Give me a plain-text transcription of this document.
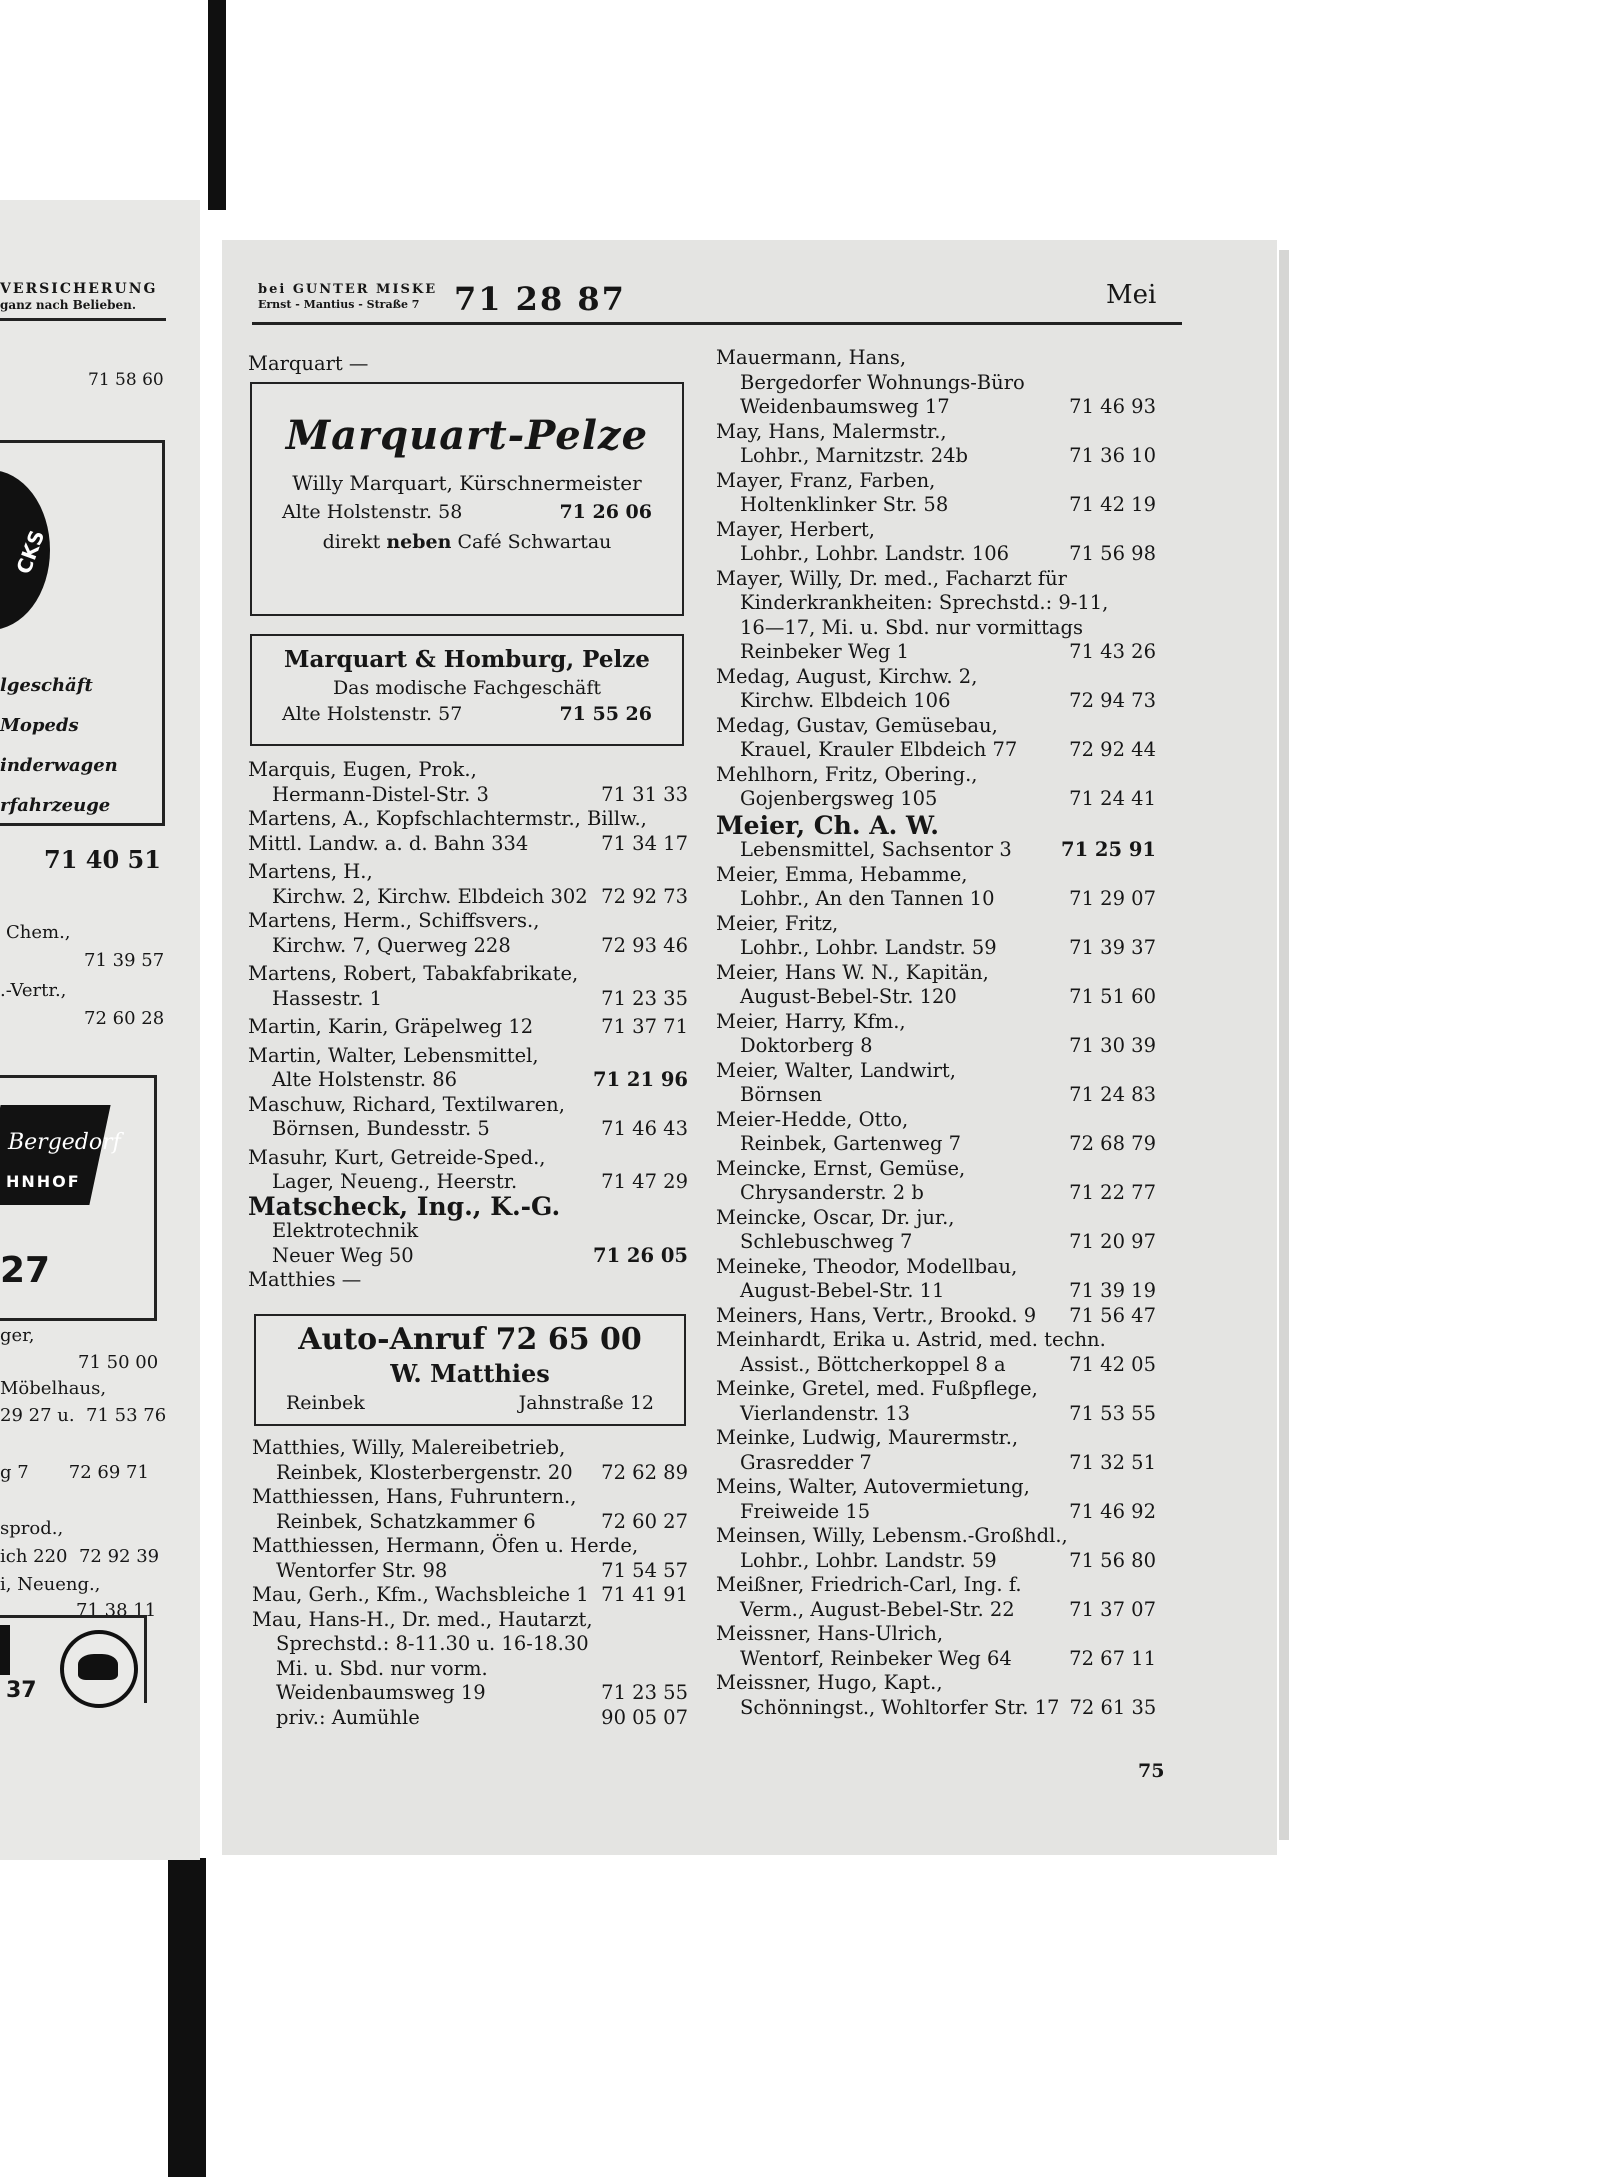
VERSICHERUNG
ganz nach Belieben.
71 58 60
CKS
lgeschäft
Mopeds
inderwagen
rfahrzeuge
71 40 51
Chem.,
71 39 57
.-Vertr.,
72 60 28
Bergedorf
HNHOF
27
ger,
71 50 00
Möbelhaus,
29 27 u.  71 53 76
g 7       72 69 71
sprod.,
ich 220  72 92 39
i, Neueng.,
71 38 11
37
bei GUNTER MISKE
Ernst - Mantius - Straße 7 71 28 87	Mei
Marquart —
Marquart-Pelze
Willy Marquart, Kürschnermeister
Alte Holstenstr. 58	71 26 06
direkt neben Café Schwartau
Marquart & Homburg, Pelze
Das modische Fachgeschäft
Alte Holstenstr. 57	71 55 26
Marquis, Eugen, Prok.,
Hermann-Distel-Str. 3	71 31 33
Martens, A., Kopfschlachtermstr., Billw.,
Mittl. Landw. a. d. Bahn 334	71 34 17
Martens, H.,
Kirchw. 2, Kirchw. Elbdeich 302 72 92 73
Martens, Herm., Schiffsvers.,
Kirchw. 7, Querweg 228	72 93 46
Martens, Robert, Tabakfabrikate,
Hassestr. 1	71 23 35
Martin, Karin, Gräpelweg 12	71 37 71
Martin, Walter, Lebensmittel,
Alte Holstenstr. 86	71 21 96
Maschuw, Richard, Textilwaren,
Börnsen, Bundesstr. 5	71 46 43
Masuhr, Kurt, Getreide-Sped.,
Lager, Neueng., Heerstr.	71 47 29
Matscheck, Ing., K.-G.
Elektrotechnik
Neuer Weg 50	71 26 05
Matthies —
Auto-Anruf 72 65 00
W. Matthies
Reinbek	Jahnstraße 12
Matthies, Willy, Malereibetrieb,
Reinbek, Klosterbergenstr. 20	72 62 89
Matthiessen, Hans, Fuhruntern.,
Reinbek, Schatzkammer 6	72 60 27
Matthiessen, Hermann, Öfen u. Herde,
Wentorfer Str. 98	71 54 57
Mau, Gerh., Kfm., Wachsbleiche 1 71 41 91
Mau, Hans-H., Dr. med., Hautarzt,
Sprechstd.: 8-11.30 u. 16-18.30
Mi. u. Sbd. nur vorm.
Weidenbaumsweg 19	71 23 55
priv.: Aumühle	90 05 07
Mauermann, Hans,
Bergedorfer Wohnungs-Büro
Weidenbaumsweg 17	71 46 93
May, Hans, Malermstr.,
Lohbr., Marnitzstr. 24b	71 36 10
Mayer, Franz, Farben,
Holtenklinker Str. 58	71 42 19
Mayer, Herbert,
Lohbr., Lohbr. Landstr. 106	71 56 98
Mayer, Willy, Dr. med., Facharzt für
Kinderkrankheiten: Sprechstd.: 9-11,
16—17, Mi. u. Sbd. nur vormittags
Reinbeker Weg 1	71 43 26
Medag, August, Kirchw. 2,
Kirchw. Elbdeich 106	72 94 73
Medag, Gustav, Gemüsebau,
Krauel, Krauler Elbdeich 77	72 92 44
Mehlhorn, Fritz, Obering.,
Gojenbergsweg 105	71 24 41
Meier, Ch. A. W.
Lebensmittel, Sachsentor 3	71 25 91
Meier, Emma, Hebamme,
Lohbr., An den Tannen 10	71 29 07
Meier, Fritz,
Lohbr., Lohbr. Landstr. 59	71 39 37
Meier, Hans W. N., Kapitän,
August-Bebel-Str. 120	71 51 60
Meier, Harry, Kfm.,
Doktorberg 8	71 30 39
Meier, Walter, Landwirt,
Börnsen	71 24 83
Meier-Hedde, Otto,
Reinbek, Gartenweg 7	72 68 79
Meincke, Ernst, Gemüse,
Chrysanderstr. 2 b	71 22 77
Meincke, Oscar, Dr. jur.,
Schlebuschweg 7	71 20 97
Meineke, Theodor, Modellbau,
August-Bebel-Str. 11	71 39 19
Meiners, Hans, Vertr., Brookd. 9	71 56 47
Meinhardt, Erika u. Astrid, med. techn.
Assist., Böttcherkoppel 8 a	71 42 05
Meinke, Gretel, med. Fußpflege,
Vierlandenstr. 13	71 53 55
Meinke, Ludwig, Maurermstr.,
Grasredder 7	71 32 51
Meins, Walter, Autovermietung,
Freiweide 15	71 46 92
Meinsen, Willy, Lebensm.-Großhdl.,
Lohbr., Lohbr. Landstr. 59	71 56 80
Meißner, Friedrich-Carl, Ing. f.
Verm., August-Bebel-Str. 22	71 37 07
Meissner, Hans-Ulrich,
Wentorf, Reinbeker Weg 64	72 67 11
Meissner, Hugo, Kapt.,
Schönningst., Wohltorfer Str. 17 72 61 35
75
